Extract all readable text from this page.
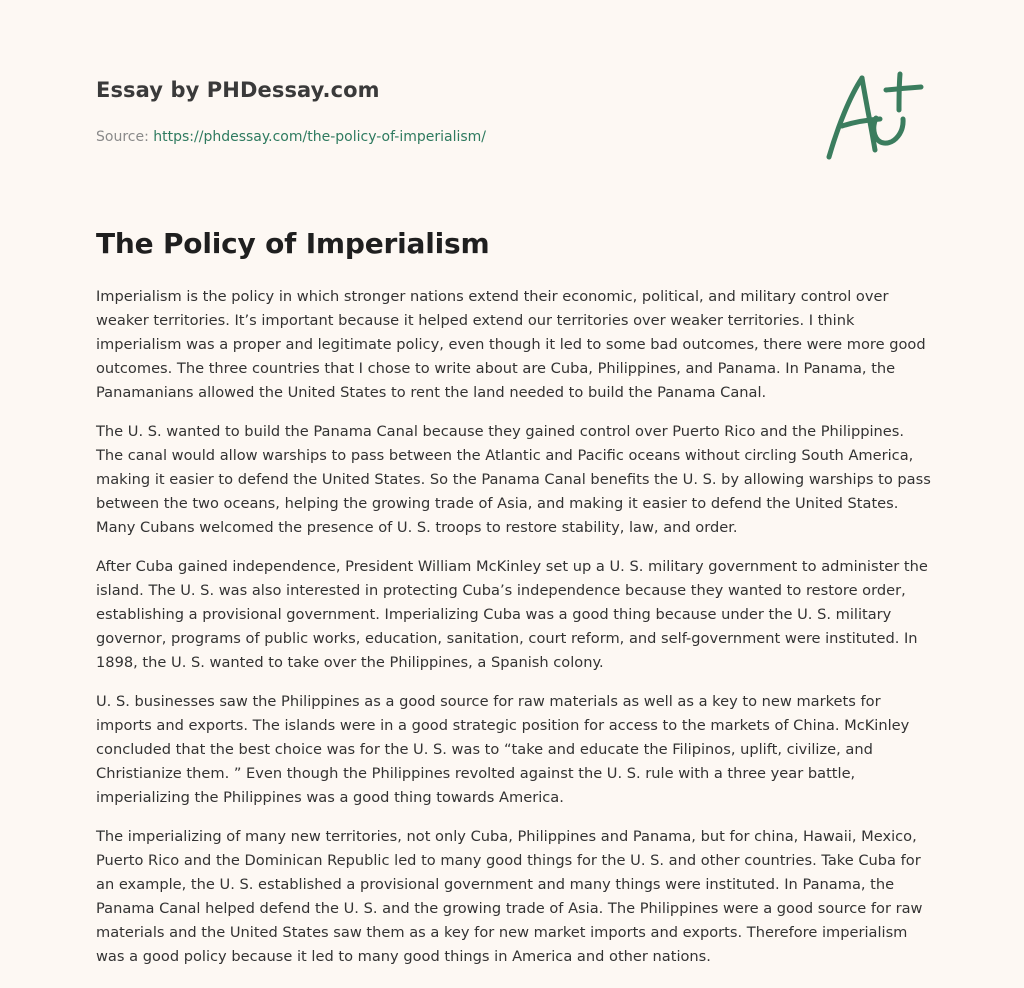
Essay by PHDessay.com

Source: https://phdessay.com/the-policy-of-imperialism/

The Policy of Imperialism

Imperialism is the policy in which stronger nations extend their economic, political, and military control over weaker territories. It’s important because it helped extend our territories over weaker territories. I think imperialism was a proper and legitimate policy, even though it led to some bad outcomes, there were more good outcomes. The three countries that I chose to write about are Cuba, Philippines, and Panama. In Panama, the Panamanians allowed the United States to rent the land needed to build the Panama Canal.

The U. S. wanted to build the Panama Canal because they gained control over Puerto Rico and the Philippines. The canal would allow warships to pass between the Atlantic and Pacific oceans without circling South America, making it easier to defend the United States. So the Panama Canal benefits the U. S. by allowing warships to pass between the two oceans, helping the growing trade of Asia, and making it easier to defend the United States. Many Cubans welcomed the presence of U. S. troops to restore stability, law, and order.

After Cuba gained independence, President William McKinley set up a U. S. military government to administer the island. The U. S. was also interested in protecting Cuba’s independence because they wanted to restore order, establishing a provisional government. Imperializing Cuba was a good thing because under the U. S. military governor, programs of public works, education, sanitation, court reform, and self-government were instituted. In 1898, the U. S. wanted to take over the Philippines, a Spanish colony.

U. S. businesses saw the Philippines as a good source for raw materials as well as a key to new markets for imports and exports. The islands were in a good strategic position for access to the markets of China. McKinley concluded that the best choice was for the U. S. was to “take and educate the Filipinos, uplift, civilize, and Christianize them. ” Even though the Philippines revolted against the U. S. rule with a three year battle, imperializing the Philippines was a good thing towards America.

The imperializing of many new territories, not only Cuba, Philippines and Panama, but for china, Hawaii, Mexico, Puerto Rico and the Dominican Republic led to many good things for the U. S. and other countries. Take Cuba for an example, the U. S. established a provisional government and many things were instituted. In Panama, the Panama Canal helped defend the U. S. and the growing trade of Asia. The Philippines were a good source for raw materials and the United States saw them as a key for new market imports and exports. Therefore imperialism was a good policy because it led to many good things in America and other nations.
